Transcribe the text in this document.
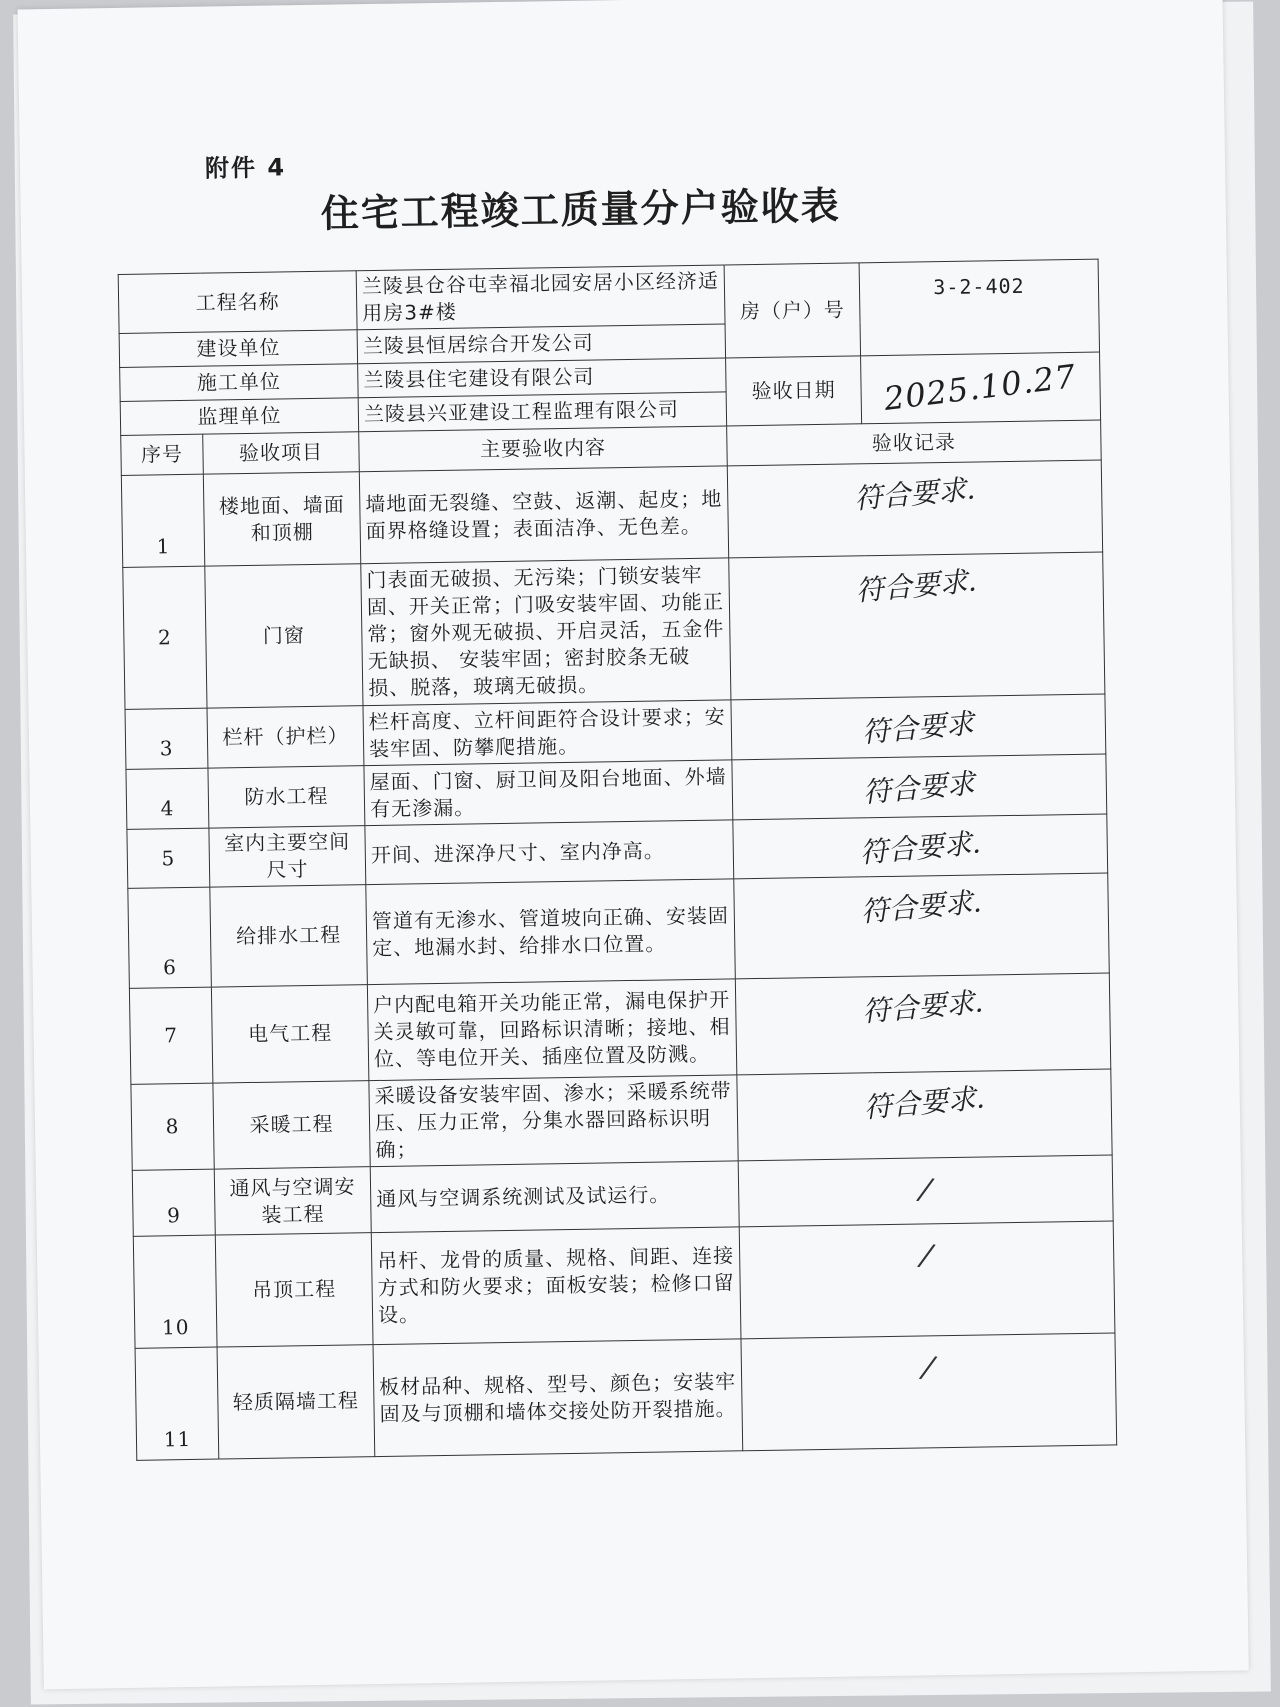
附件 4
住宅工程竣工质量分户验收表
工程名称		兰陵县仓谷屯幸福北园安居小区经济适用房3#楼	房（户）号	3-2-402
建设单位		兰陵县恒居综合开发公司		
施工单位		兰陵县住宅建设有限公司	验收日期	2025.10.27
监理单位		兰陵县兴亚建设工程监理有限公司		
序号	验收项目	主要验收内容	验收记录	
1	楼地面、墙面和顶棚	墙地面无裂缝、空鼓、返潮、起皮；地面界格缝设置；表面洁净、无色差。	符合要求.	
2	门窗	门表面无破损、无污染；门锁安装牢固、开关正常；门吸安装牢固、功能正常；窗外观无破损、开启灵活，五金件无缺损、 安装牢固；密封胶条无破损、脱落，玻璃无破损。	符合要求.	
3	栏杆（护栏）	栏杆高度、立杆间距符合设计要求；安装牢固、防攀爬措施。	符合要求	
4	防水工程	屋面、门窗、厨卫间及阳台地面、外墙有无渗漏。	符合要求	
5	室内主要空间尺寸	开间、进深净尺寸、室内净高。	符合要求.	
6	给排水工程	管道有无渗水、管道坡向正确、安装固定、地漏水封、给排水口位置。	符合要求.	
7	电气工程	户内配电箱开关功能正常，漏电保护开关灵敏可靠，回路标识清晰；接地、相位、等电位开关、插座位置及防溅。	符合要求.	
8	采暖工程	采暖设备安装牢固、渗水；采暖系统带压、压力正常，分集水器回路标识明确；	符合要求.	
9	通风与空调安装工程	通风与空调系统测试及试运行。	/	
10	吊顶工程	吊杆、龙骨的质量、规格、间距、连接方式和防火要求；面板安装；检修口留设。	/	
11	轻质隔墙工程	板材品种、规格、型号、颜色；安装牢固及与顶棚和墙体交接处防开裂措施。	/	
